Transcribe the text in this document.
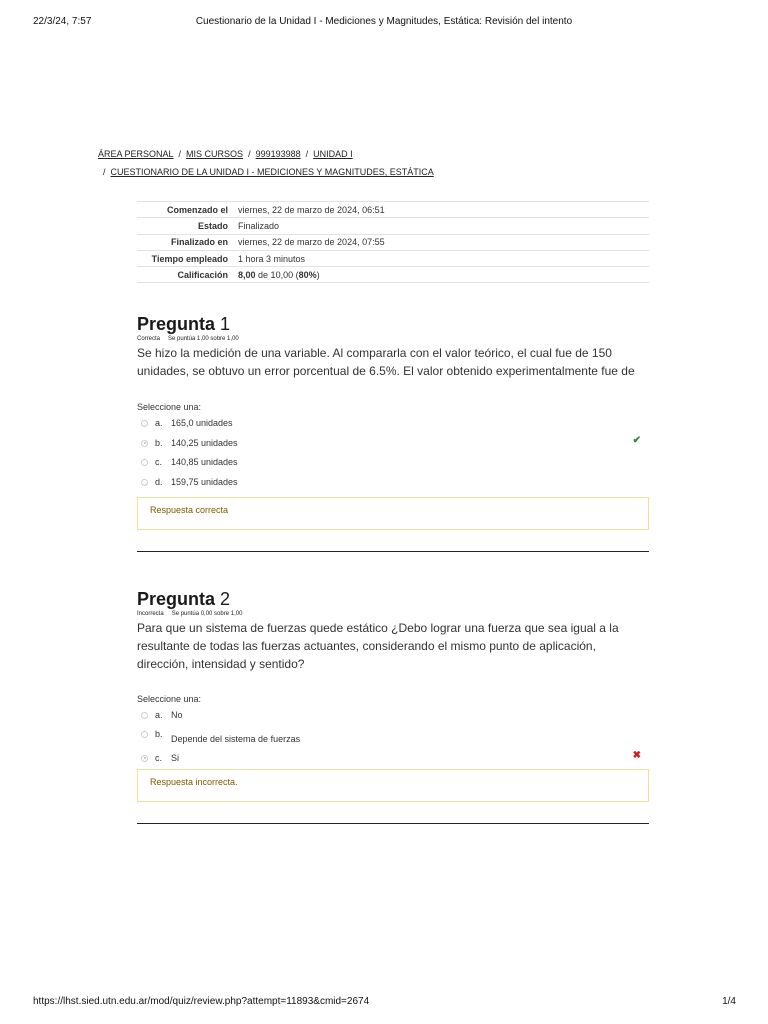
22/3/24, 7:57	Cuestionario de la Unidad I - Mediciones y Magnitudes, Estática: Revisión del intento
ÁREA PERSONAL / MIS CURSOS / 999193988 / UNIDAD I
/ CUESTIONARIO DE LA UNIDAD I - MEDICIONES Y MAGNITUDES, ESTÁTICA
Comenzado el	viernes, 22 de marzo de 2024, 06:51
Estado	Finalizado
Finalizado en	viernes, 22 de marzo de 2024, 07:55
Tiempo empleado	1 hora 3 minutos
Calificación	8,00 de 10,00 (80%)
Pregunta 1
Correcta Se puntúa 1,00 sobre 1,00
Se hizo la medición de una variable. Al compararla con el valor teórico, el cual fue de 150 unidades, se obtuvo un error porcentual de 6.5%. El valor obtenido experimentalmente fue de
Seleccione una:
a. 165,0 unidades
b. 140,25 unidades	✔
c. 140,85 unidades
d. 159,75 unidades
Respuesta correcta
Pregunta 2
Incorrecta Se puntúa 0,00 sobre 1,00
Para que un sistema de fuerzas quede estático ¿Debo lograr una fuerza que sea igual a la resultante de todas las fuerzas actuantes, considerando el mismo punto de aplicación, dirección, intensidad y sentido?
Seleccione una:
a. No
b. Depende del sistema de fuerzas
c. Si	✖
Respuesta incorrecta.
https://lhst.sied.utn.edu.ar/mod/quiz/review.php?attempt=11893&cmid=2674	1/4
